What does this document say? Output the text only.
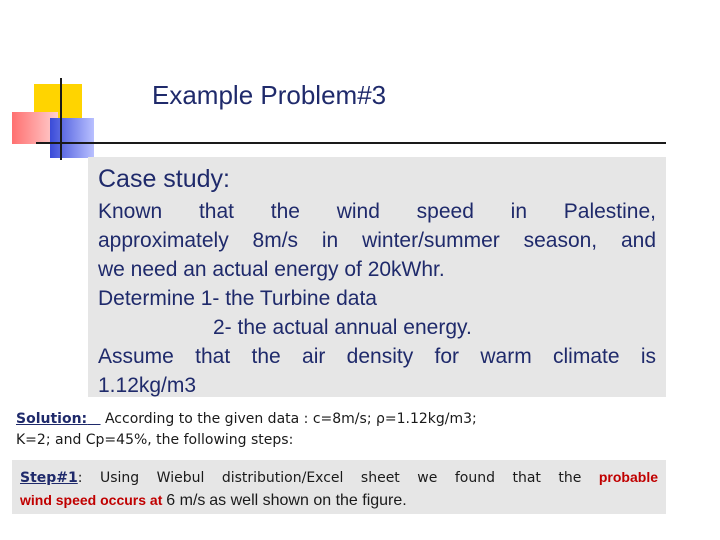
Example Problem#3
Case study:
Known that the wind speed in Palestine,
approximately 8m/s in winter/summer season, and
we need an actual energy of 20kWhr.
Determine 1- the Turbine data
2- the actual annual energy.
Assume that the air density for warm climate is
1.12kg/m3
Solution: According to the given data : c=8m/s; ρ=1.12kg/m3;
K=2; and Cp=45%, the following steps:
Step#1: Using Wiebul distribution/Excel sheet we found that the probable
wind speed occurs at 6 m/s as well shown on the figure.
